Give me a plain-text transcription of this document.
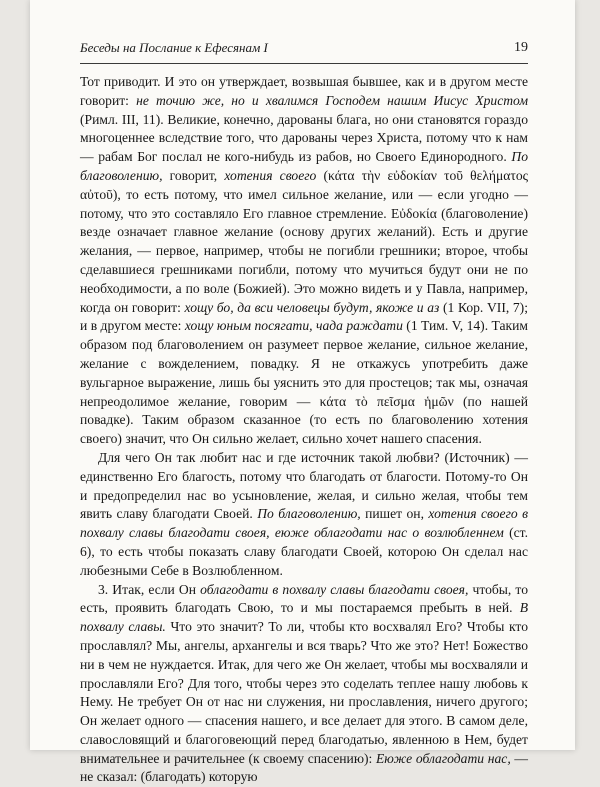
Беседы на Послание к Ефесянам I	19

Тот приводит. И это он утверждает, возвышая бывшее, как и в другом месте говорит: не точию же, но и хвалимся Господем нашим Иисус Христом (Римл. III, 11). Великие, конечно, дарованы блага, но они становятся гораздо многоценнее вследствие того, что дарованы через Христа, потому что к нам — рабам Бог послал не кого-нибудь из рабов, но Своего Единородного. По благоволению, говорит, хотения своего (κάτα τὴν εὐδοκίαν τοῦ θελήματος αὐτοῦ), то есть потому, что имел сильное желание, или — если угодно — потому, что это составляло Его главное стремление. Εὐδοκία (благоволение) везде означает главное желание (основу других желаний). Есть и другие желания, — первое, например, чтобы не погибли грешники; второе, чтобы сделавшиеся грешниками погибли, потому что мучиться будут они не по необходимости, а по воле (Божией). Это можно видеть и у Павла, например, когда он говорит: хощу бо, да вси человецы будут, якоже и аз (1 Кор. VII, 7); и в другом месте: хощу юным посягати, чада раждати (1 Тим. V, 14). Таким образом под благоволением он разумеет первое желание, сильное желание, желание с вожделением, повадку. Я не откажусь употребить даже вульгарное выражение, лишь бы уяснить это для простецов; так мы, означая непреодолимое желание, говорим — κάτα τὸ πεῖσμα ἡμῶν (по нашей повадке). Таким образом сказанное (то есть по благоволению хотения своего) значит, что Он сильно желает, сильно хочет нашего спасения.

Для чего Он так любит нас и где источник такой любви? (Источник) — единственно Его благость, потому что благодать от благости. Потому-то Он и предопределил нас во усыновление, желая, и сильно желая, чтобы тем явить славу благодати Своей. По благоволению, пишет он, хотения своего в похвалу славы благодати своея, еюже облагодати нас о возлюбленнем (ст. 6), то есть чтобы показать славу благодати Своей, которою Он сделал нас любезными Себе в Возлюбленном.

3. Итак, если Он облагодати в похвалу славы благодати своея, чтобы, то есть, проявить благодать Свою, то и мы постараемся пребыть в ней. В похвалу славы. Что это значит? То ли, чтобы кто восхвалял Его? Чтобы кто прославлял? Мы, ангелы, архангелы и вся тварь? Что же это? Нет! Божество ни в чем не нуждается. Итак, для чего же Он желает, чтобы мы восхваляли и прославляли Его? Для того, чтобы через это соделать теплее нашу любовь к Нему. Не требует Он от нас ни служения, ни прославления, ничего другого; Он желает одного — спасения нашего, и все делает для этого. В самом деле, славословящий и благоговеющий перед благодатью, явленною в Нем, будет внимательнее и рачительнее (к своему спасению): Еюже облагодати нас, — не сказал: (благодать) которую
